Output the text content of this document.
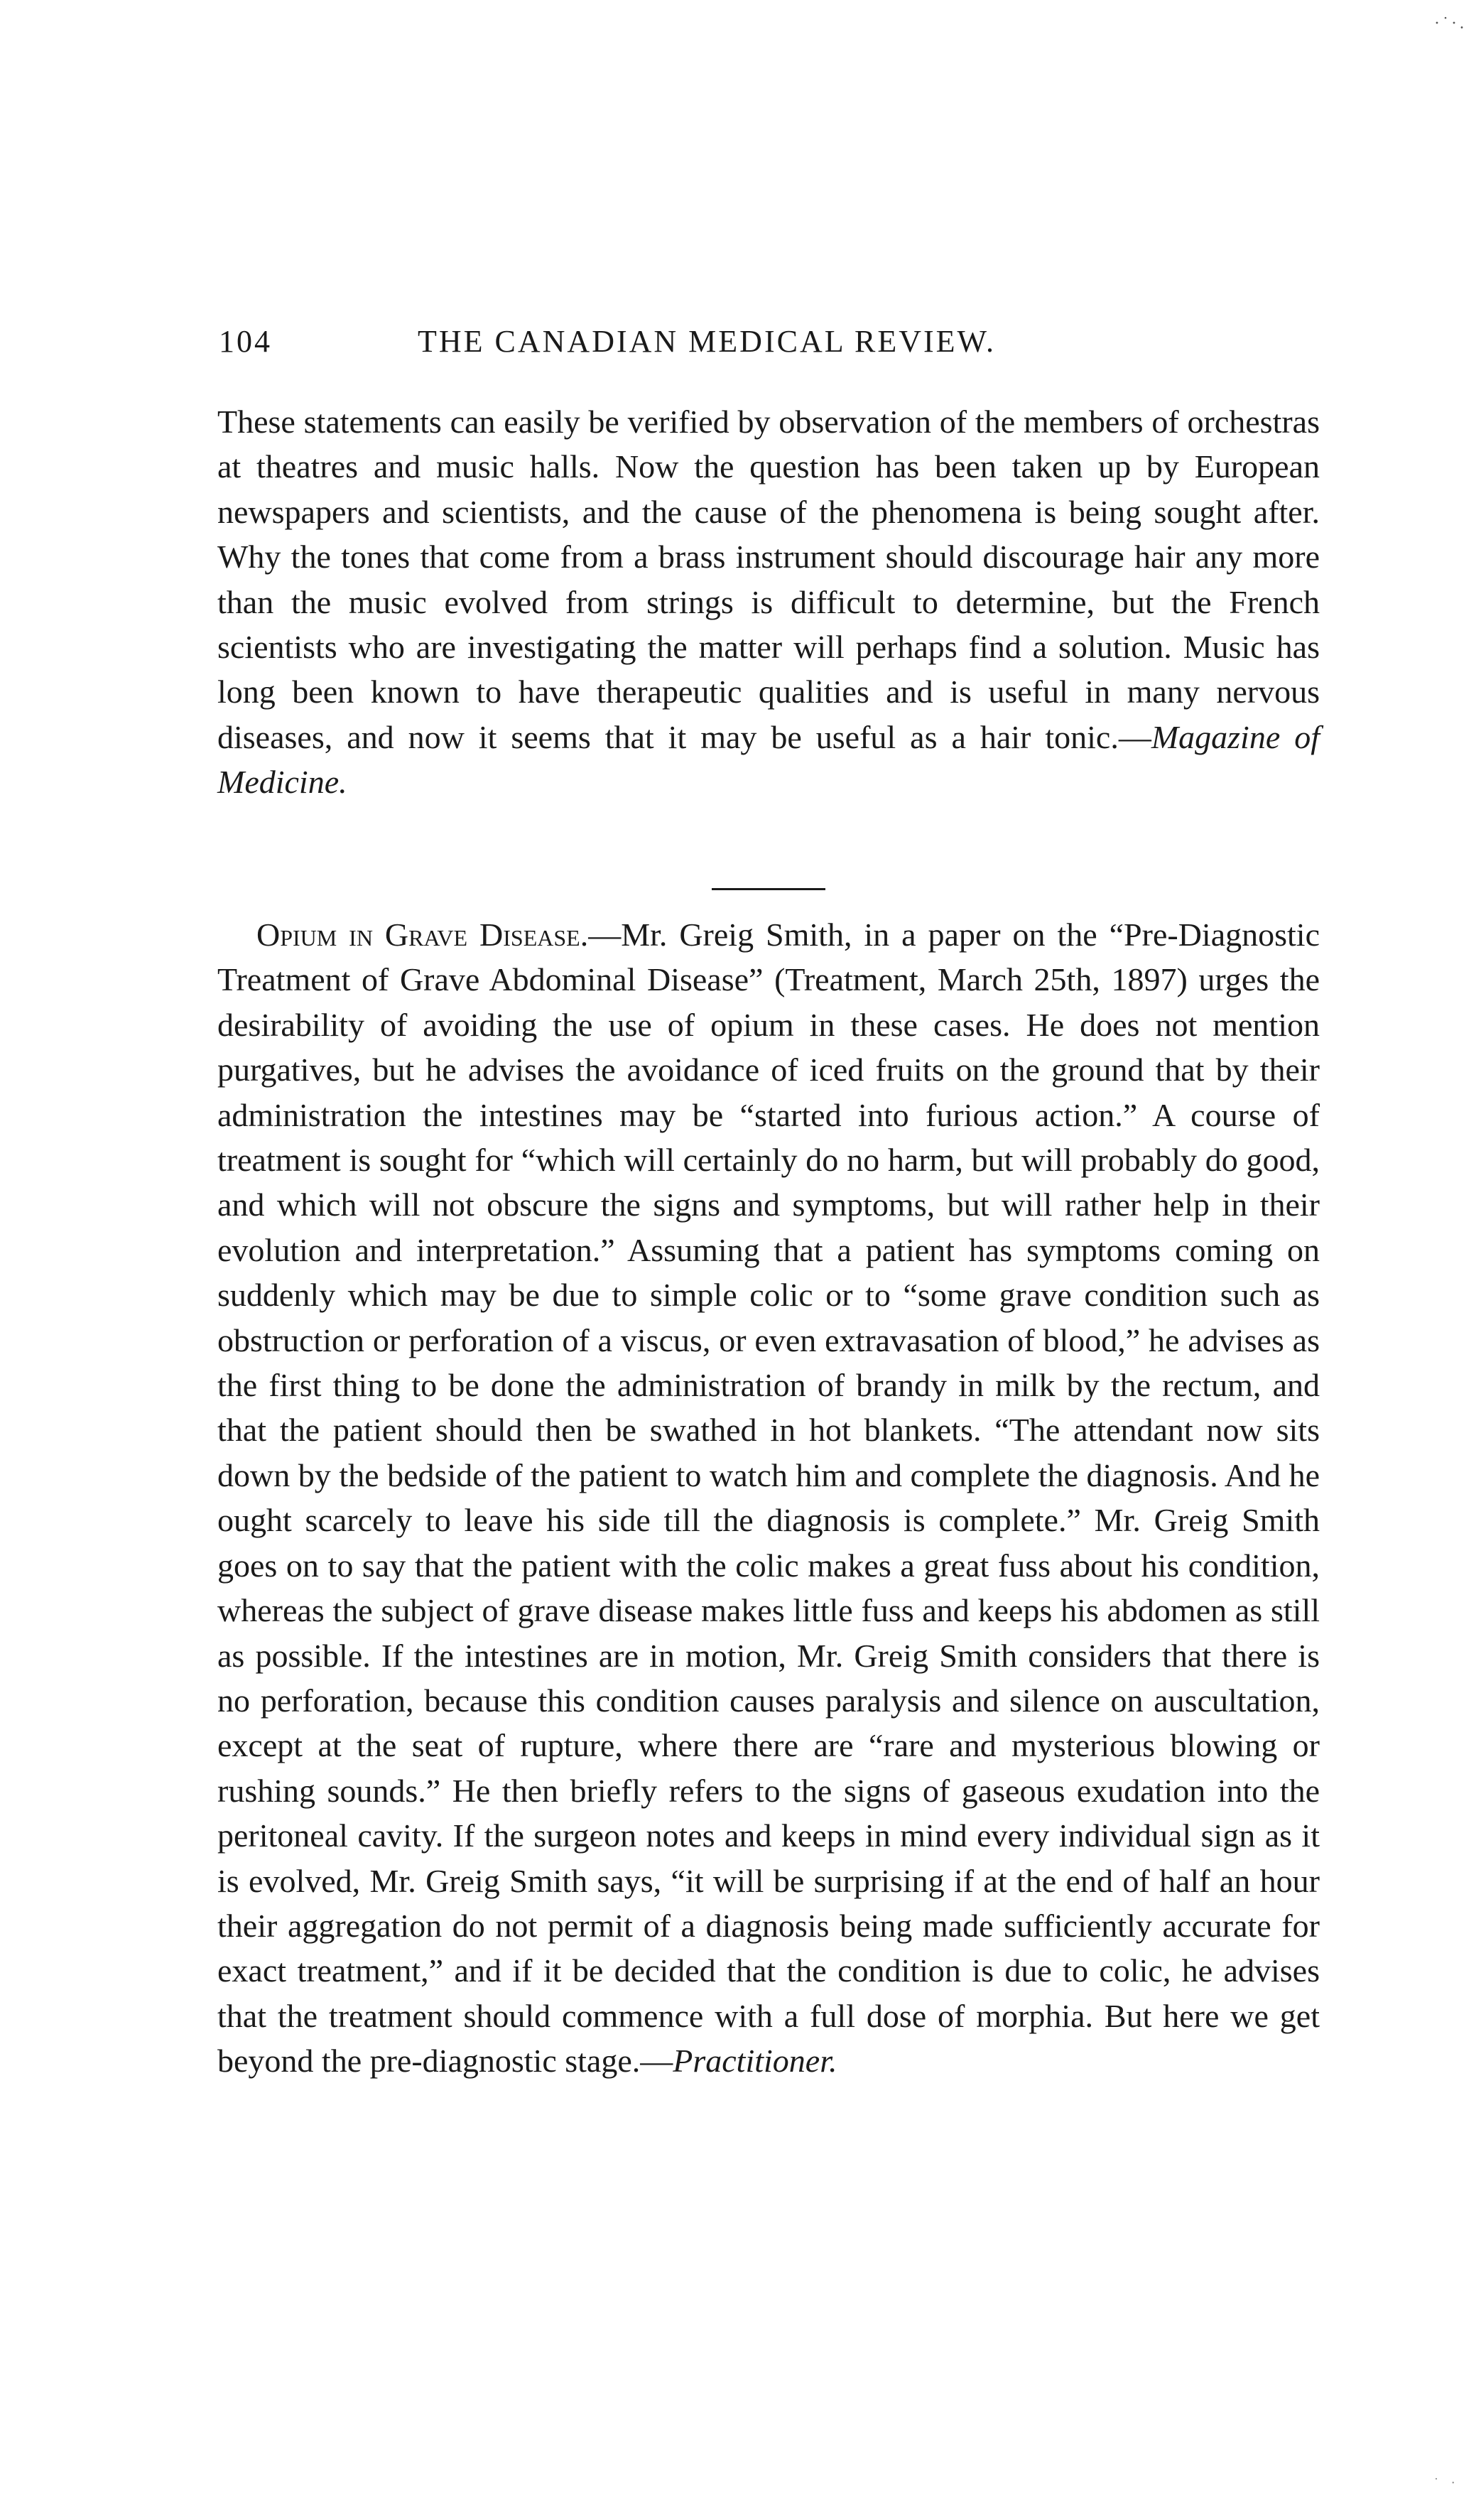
·˙·.
104	THE CANADIAN MEDICAL REVIEW.

These statements can easily be verified by observation of the members of orchestras at theatres and music halls. Now the question has been taken up by European newspapers and scientists, and the cause of the phenomena is being sought after. Why the tones that come from a brass instrument should discourage hair any more than the music evolved from strings is difficult to determine, but the French scientists who are investigating the matter will perhaps find a solution. Music has long been known to have therapeutic qualities and is useful in many nervous diseases, and now it seems that it may be useful as a hair tonic.—Magazine of Medicine.

Opium in Grave Disease.—Mr. Greig Smith, in a paper on the “Pre-Diagnostic Treatment of Grave Abdominal Disease” (Treatment, March 25th, 1897) urges the desirability of avoiding the use of opium in these cases. He does not mention purgatives, but he advises the avoidance of iced fruits on the ground that by their administration the intestines may be “started into furious action.” A course of treatment is sought for “which will certainly do no harm, but will probably do good, and which will not obscure the signs and symptoms, but will rather help in their evolution and interpretation.” Assuming that a patient has symptoms coming on suddenly which may be due to simple colic or to “some grave condition such as obstruction or perforation of a viscus, or even extravasation of blood,” he advises as the first thing to be done the administration of brandy in milk by the rectum, and that the patient should then be swathed in hot blankets. “The attendant now sits down by the bedside of the patient to watch him and complete the diagnosis. And he ought scarcely to leave his side till the diagnosis is complete.” Mr. Greig Smith goes on to say that the patient with the colic makes a great fuss about his condition, whereas the subject of grave disease makes little fuss and keeps his abdomen as still as possible. If the intestines are in motion, Mr. Greig Smith considers that there is no perforation, because this condition causes paralysis and silence on auscultation, except at the seat of rupture, where there are “rare and mysterious blowing or rushing sounds.” He then briefly refers to the signs of gaseous exudation into the peritoneal cavity. If the surgeon notes and keeps in mind every individual sign as it is evolved, Mr. Greig Smith says, “it will be surprising if at the end of half an hour their aggregation do not permit of a diagnosis being made sufficiently accurate for exact treatment,” and if it be decided that the condition is due to colic, he advises that the treatment should commence with a full dose of morphia. But here we get beyond the pre-diagnostic stage.—Practitioner.

˙ ·
